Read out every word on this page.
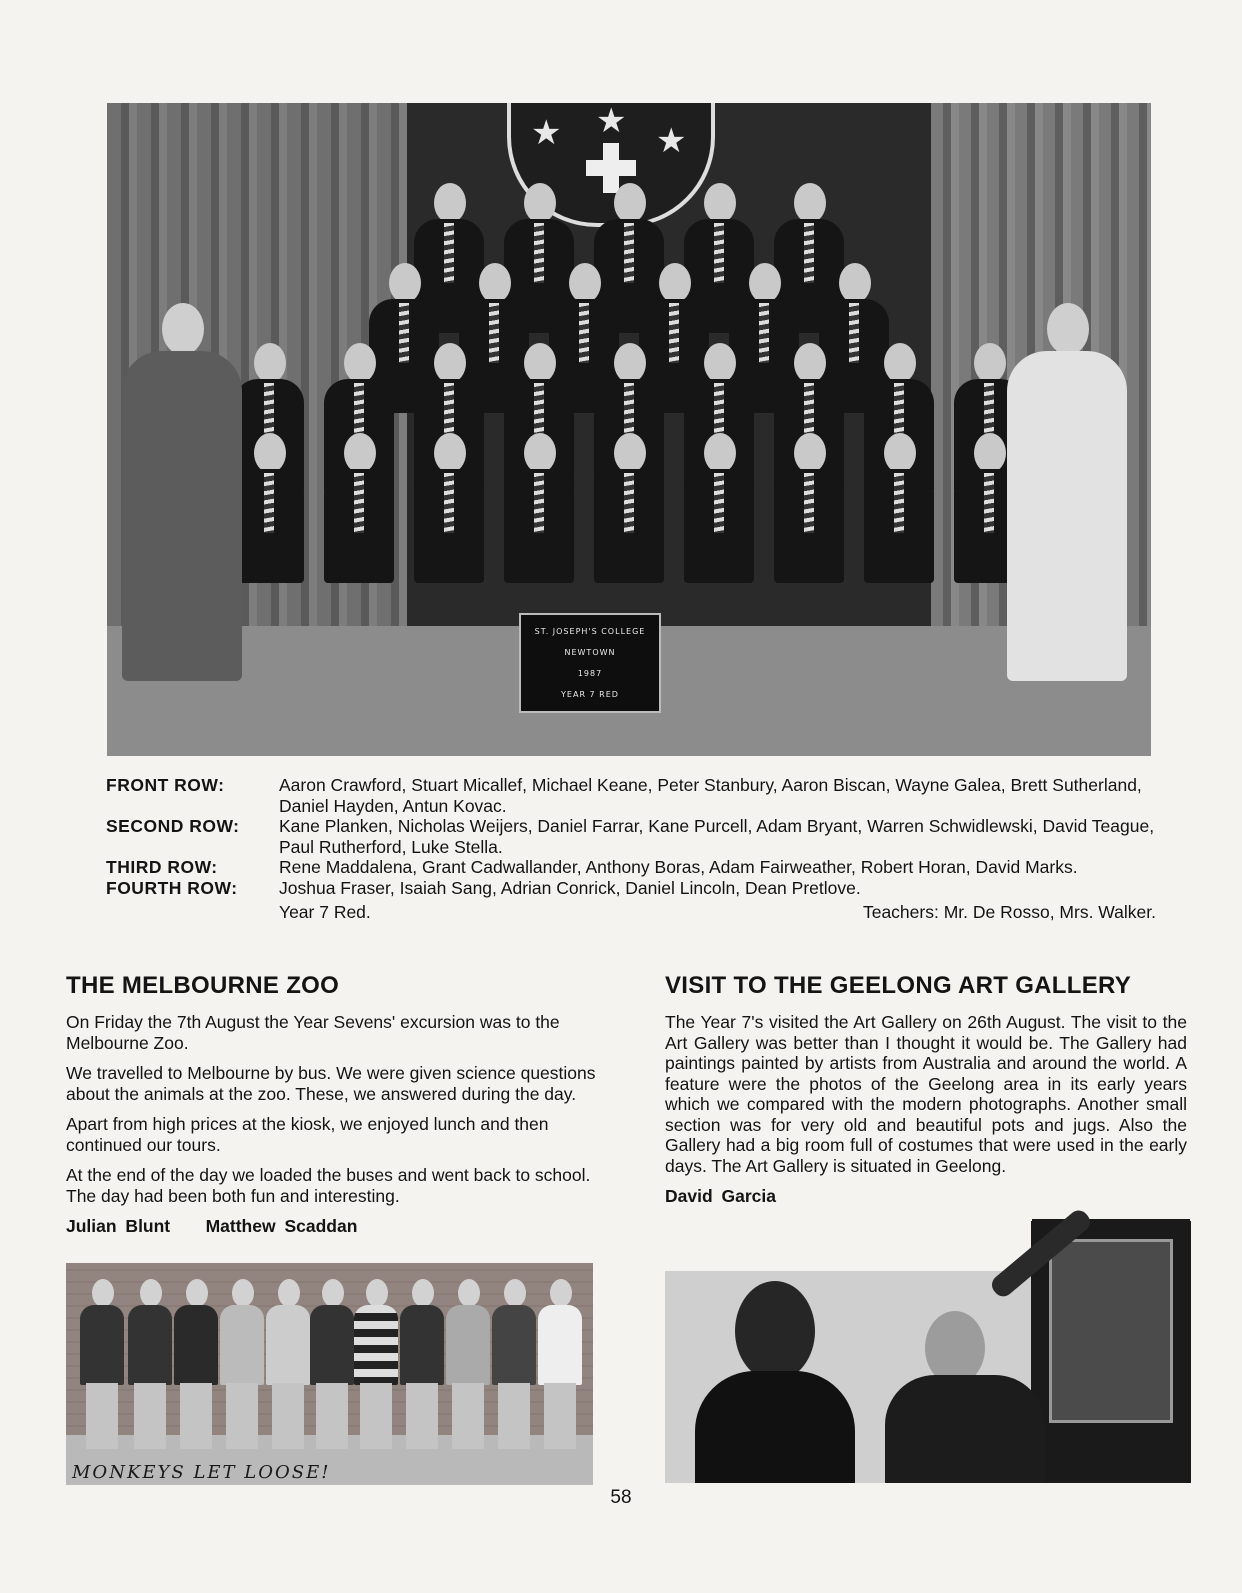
★ ★ ★
ST. JOSEPH'S COLLEGE
NEWTOWN
1987
YEAR 7 RED
FRONT ROW:	Aaron Crawford, Stuart Micallef, Michael Keane, Peter Stanbury, Aaron Biscan, Wayne Galea, Brett Sutherland, Daniel Hayden, Antun Kovac.
SECOND ROW:	Kane Planken, Nicholas Weijers, Daniel Farrar, Kane Purcell, Adam Bryant, Warren Schwidlewski, David Teague, Paul Rutherford, Luke Stella.
THIRD ROW:	Rene Maddalena, Grant Cadwallander, Anthony Boras, Adam Fairweather, Robert Horan, David Marks.
FOURTH ROW:	Joshua Fraser, Isaiah Sang, Adrian Conrick, Daniel Lincoln, Dean Pretlove.
Year 7 Red.	Teachers: Mr. De Rosso, Mrs. Walker.
THE MELBOURNE ZOO

On Friday the 7th August the Year Sevens' excursion was to the Melbourne Zoo.

We travelled to Melbourne by bus. We were given science questions about the animals at the zoo. These, we answered during the day.

Apart from high prices at the kiosk, we enjoyed lunch and then continued our tours.

At the end of the day we loaded the buses and went back to school. The day had been both fun and interesting.

Julian Blunt    Matthew Scaddan
MONKEYS LET LOOSE!
VISIT TO THE GEELONG ART GALLERY

The Year 7's visited the Art Gallery on 26th August. The visit to the Art Gallery was better than I thought it would be. The Gallery had paintings painted by artists from Australia and around the world. A feature were the photos of the Geelong area in its early years which we compared with the modern photographs. Another small section was for very old and beautiful pots and jugs. Also the Gallery had a big room full of costumes that were used in the early days. The Art Gallery is situated in Geelong.

David Garcia
58
